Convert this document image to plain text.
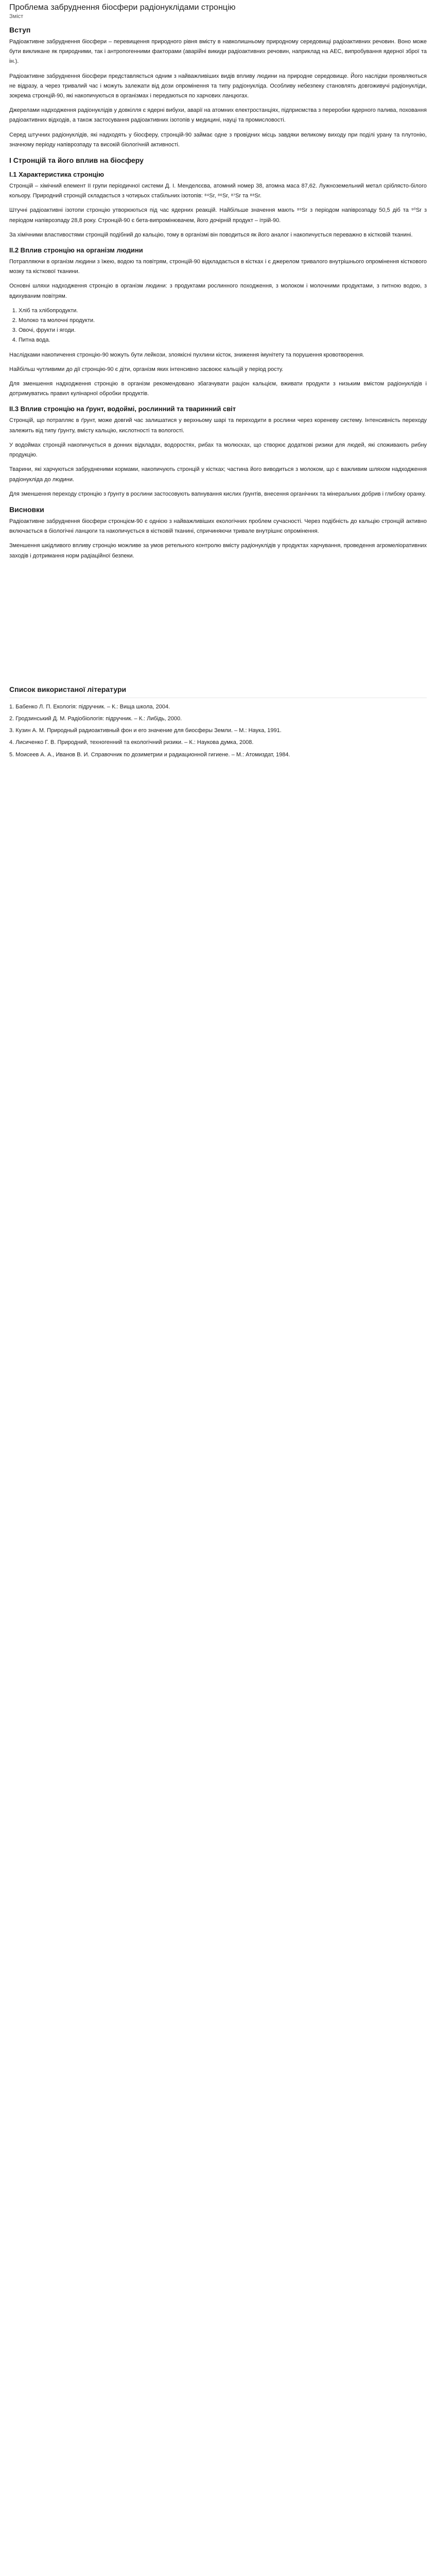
Проблема забруднення біосфери радіонуклідами стронцію
Зміст
Вступ

Радіоактивне забруднення біосфери – перевищення природного рівня вмісту в навколишньому природному середовищі радіоактивних речовин. Воно може бути викликане як природними, так і антропогенними факторами (аварійні викиди радіоактивних речовин, наприклад на АЕС, випробування ядерної зброї та ін.).

Радіоактивне забруднення біосфери представляється одним з найважливіших видів впливу людини на природне середовище. Його наслідки проявляються не відразу, а через тривалий час і можуть залежати від дози опромінення та типу радіонукліда. Особливу небезпеку становлять довгоживучі радіонукліди, зокрема стронцій-90, які накопичуються в організмах і передаються по харчових ланцюгах.

Джерелами надходження радіонуклідів у довкілля є ядерні вибухи, аварії на атомних електростанціях, підприємства з переробки ядерного палива, поховання радіоактивних відходів, а також застосування радіоактивних ізотопів у медицині, науці та промисловості.

Серед штучних радіонуклідів, які надходять у біосферу, стронцій-90 займає одне з провідних місць завдяки великому виходу при поділі урану та плутонію, значному періоду напіврозпаду та високій біологічній активності.

I Стронцій та його вплив на біосферу
I.1 Характеристика стронцію

Стронцій – хімічний елемент II групи періодичної системи Д. І. Менделєєва, атомний номер 38, атомна маса 87,62. Лужноземельний метал сріблясто-білого кольору. Природний стронцій складається з чотирьох стабільних ізотопів: ⁸⁴Sr, ⁸⁶Sr, ⁸⁷Sr та ⁸⁸Sr.

Штучні радіоактивні ізотопи стронцію утворюються під час ядерних реакцій. Найбільше значення мають ⁸⁹Sr з періодом напіврозпаду 50,5 діб та ⁹⁰Sr з періодом напіврозпаду 28,8 року. Стронцій-90 є бета-випромінювачем, його дочірній продукт – ітрій-90.

За хімічними властивостями стронцій подібний до кальцію, тому в організмі він поводиться як його аналог і накопичується переважно в кістковій тканині.

II.2 Вплив стронцію на організм людини

Потрапляючи в організм людини з їжею, водою та повітрям, стронцій-90 відкладається в кістках і є джерелом тривалого внутрішнього опромінення кісткового мозку та кісткової тканини.

Основні шляхи надходження стронцію в організм людини: з продуктами рослинного походження, з молоком і молочними продуктами, з питною водою, з вдихуваним повітрям.

1. Хліб та хлібопродукти.
2. Молоко та молочні продукти.
3. Овочі, фрукти і ягоди.
4. Питна вода.

Наслідками накопичення стронцію-90 можуть бути лейкози, злоякісні пухлини кісток, зниження імунітету та порушення кровотворення.

Найбільш чутливими до дії стронцію-90 є діти, організм яких інтенсивно засвоює кальцій у період росту.

Для зменшення надходження стронцію в організм рекомендовано збагачувати раціон кальцієм, вживати продукти з низьким вмістом радіонуклідів і дотримуватись правил кулінарної обробки продуктів.

II.3 Вплив стронцію на ґрунт, водоймі, рослинний та тваринний світ

Стронцій, що потрапляє в ґрунт, може довгий час залишатися у верхньому шарі та переходити в рослини через кореневу систему. Інтенсивність переходу залежить від типу ґрунту, вмісту кальцію, кислотності та вологості.

У водоймах стронцій накопичується в донних відкладах, водоростях, рибах та молюсках, що створює додаткові ризики для людей, які споживають рибну продукцію.

Тварини, які харчуються забрудненими кормами, накопичують стронцій у кістках; частина його виводиться з молоком, що є важливим шляхом надходження радіонукліда до людини.

Для зменшення переходу стронцію з ґрунту в рослини застосовують вапнування кислих ґрунтів, внесення органічних та мінеральних добрив і глибоку оранку.

Висновки

Радіоактивне забруднення біосфери стронцієм-90 є однією з найважливіших екологічних проблем сучасності. Через подібність до кальцію стронцій активно включається в біологічні ланцюги та накопичується в кістковій тканині, спричиняючи тривале внутрішнє опромінення.

Зменшення шкідливого впливу стронцію можливе за умов ретельного контролю вмісту радіонуклідів у продуктах харчування, проведення агромеліоративних заходів і дотримання норм радіаційної безпеки.

Список використаної літератури
1. Бабенко Л. П. Екологія: підручник. – К.: Вища школа, 2004.
2. Гродзинський Д. М. Радіобіологія: підручник. – К.: Либідь, 2000.
3. Кузин А. М. Природный радиоактивный фон и его значение для биосферы Земли. – М.: Наука, 1991.
4. Лисиченко Г. В. Природний, техногенний та екологічний ризики. – К.: Наукова думка, 2008.
5. Моисеев А. А., Иванов В. И. Справочник по дозиметрии и радиационной гигиене. – М.: Атомиздат, 1984.
